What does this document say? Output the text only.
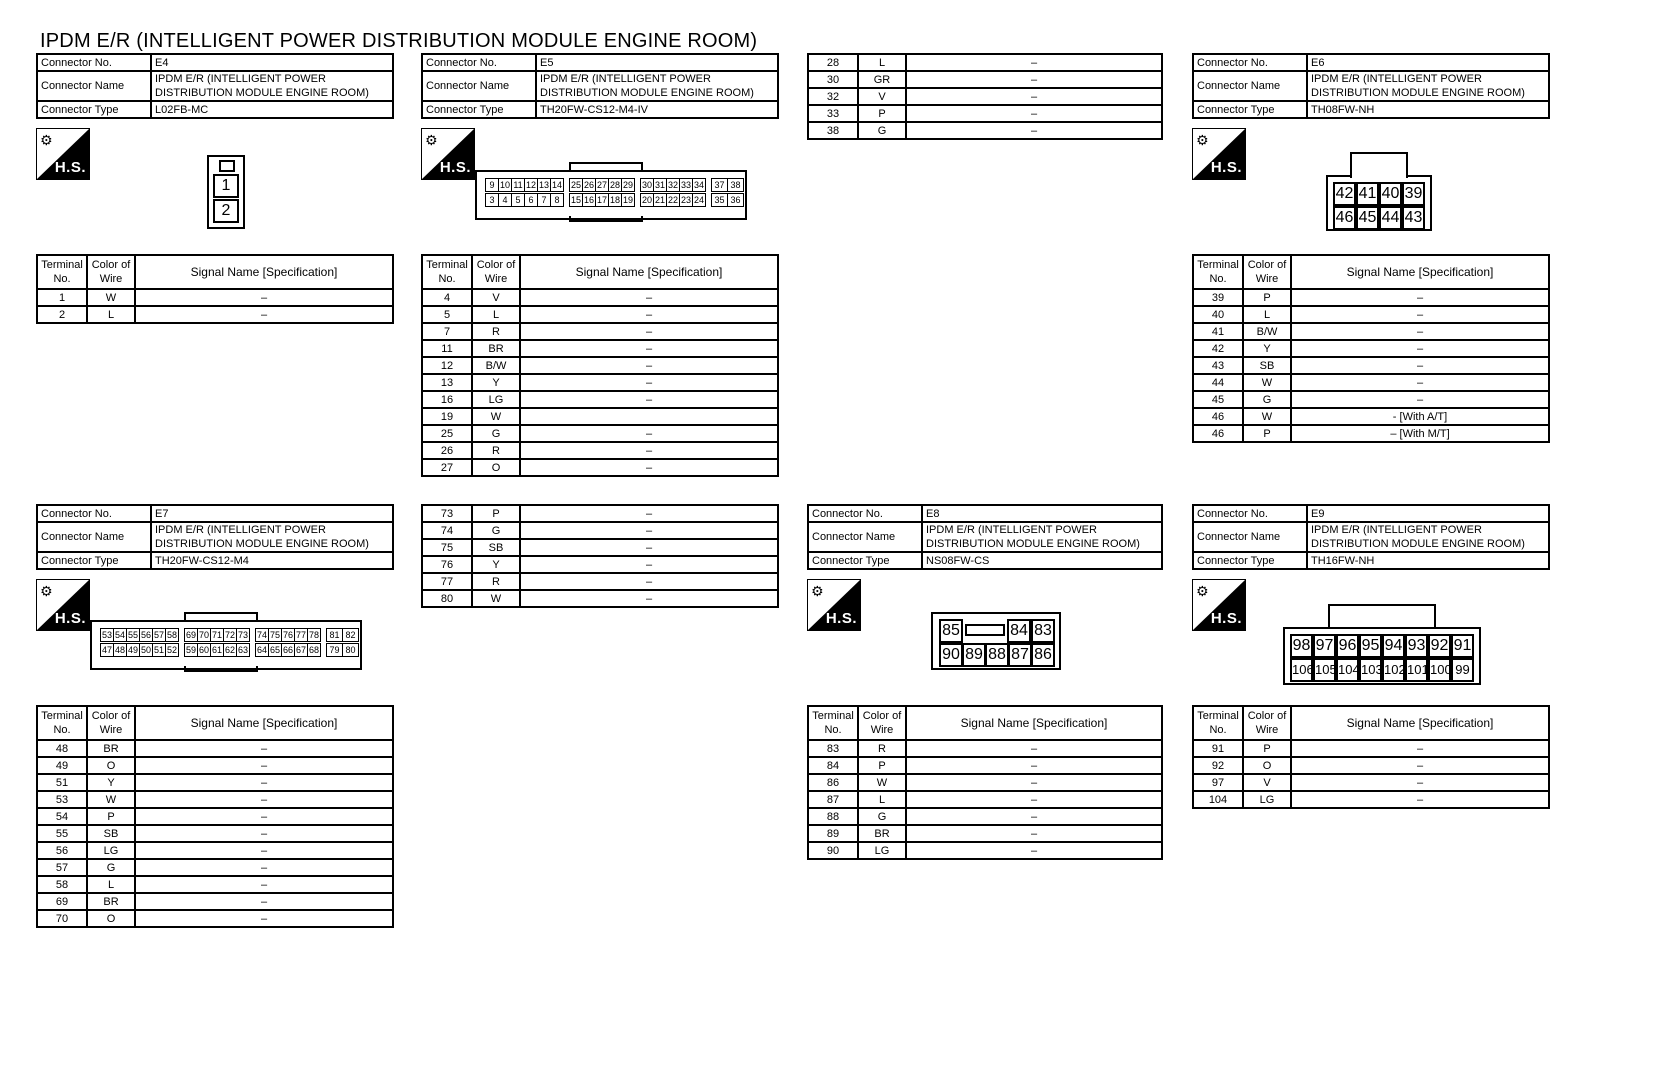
IPDM E/R (INTELLIGENT POWER DISTRIBUTION MODULE ENGINE ROOM)
Connector No.	E4
Connector Name	IPDM E/R (INTELLIGENT POWER DISTRIBUTION MODULE ENGINE ROOM)
Connector Type	L02FB-MC
⚙
H.S.
1
2
Terminal No.	Color of Wire	Signal Name [Specification]
1	W	–
2	L	–
Connector No.	E5
Connector Name	IPDM E/R (INTELLIGENT POWER DISTRIBUTION MODULE ENGINE ROOM)
Connector Type	TH20FW-CS12-M4-IV
⚙
H.S.
9 10 11 12 13 14 25 26 27 28 29 30 31 32 33 34	37 38
3 4 5 6 7 8	15 16 17 18 19 20 21 22 23 24	35 36
Terminal No.	Color of Wire	Signal Name [Specification]
4	V	–
5	L	–
7	R	–
11	BR	–
12	B/W	–
13	Y	–
16	LG	–
19	W	
25	G	–
26	R	–
27	O	–
28	L	–
30	GR	–
32	V	–
33	P	–
38	G	–
Connector No.	E6
Connector Name	IPDM E/R (INTELLIGENT POWER DISTRIBUTION MODULE ENGINE ROOM)
Connector Type	TH08FW-NH
⚙
H.S.
42 41 40 39
46 45 44 43
Terminal No.	Color of Wire	Signal Name [Specification]
39	P	–
40	L	–
41	B/W	–
42	Y	–
43	SB	–
44	W	–
45	G	–
46	W	- [With A/T]
46	P	– [With M/T]
Connector No.	E7
Connector Name	IPDM E/R (INTELLIGENT POWER DISTRIBUTION MODULE ENGINE ROOM)
Connector Type	TH20FW-CS12-M4
⚙
H.S.
53 54 55 56 57 58 69 70 71 72 73 74 75 76 77 78	81 82
47 48 49 50 51 52 59 60 61 62 63 64 65 66 67 68	79 80
Terminal No.	Color of Wire	Signal Name [Specification]
48	BR	–
49	O	–
51	Y	–
53	W	–
54	P	–
55	SB	–
56	LG	–
57	G	–
58	L	–
69	BR	–
70	O	–
73	P	–
74	G	–
75	SB	–
76	Y	–
77	R	–
80	W	–
Connector No.	E8
Connector Name	IPDM E/R (INTELLIGENT POWER DISTRIBUTION MODULE ENGINE ROOM)
Connector Type	NS08FW-CS
⚙
H.S.
85	84 83
90 89 88 87 86
Terminal No.	Color of Wire	Signal Name [Specification]
83	R	–
84	P	–
86	W	–
87	L	–
88	G	–
89	BR	–
90	LG	–
Connector No.	E9
Connector Name	IPDM E/R (INTELLIGENT POWER DISTRIBUTION MODULE ENGINE ROOM)
Connector Type	TH16FW-NH
⚙
H.S.
98 97 96 95 94 93 92 91
106 105 104 103 102 101 100 99
Terminal No.	Color of Wire	Signal Name [Specification]
91	P	–
92	O	–
97	V	–
104	LG	–
